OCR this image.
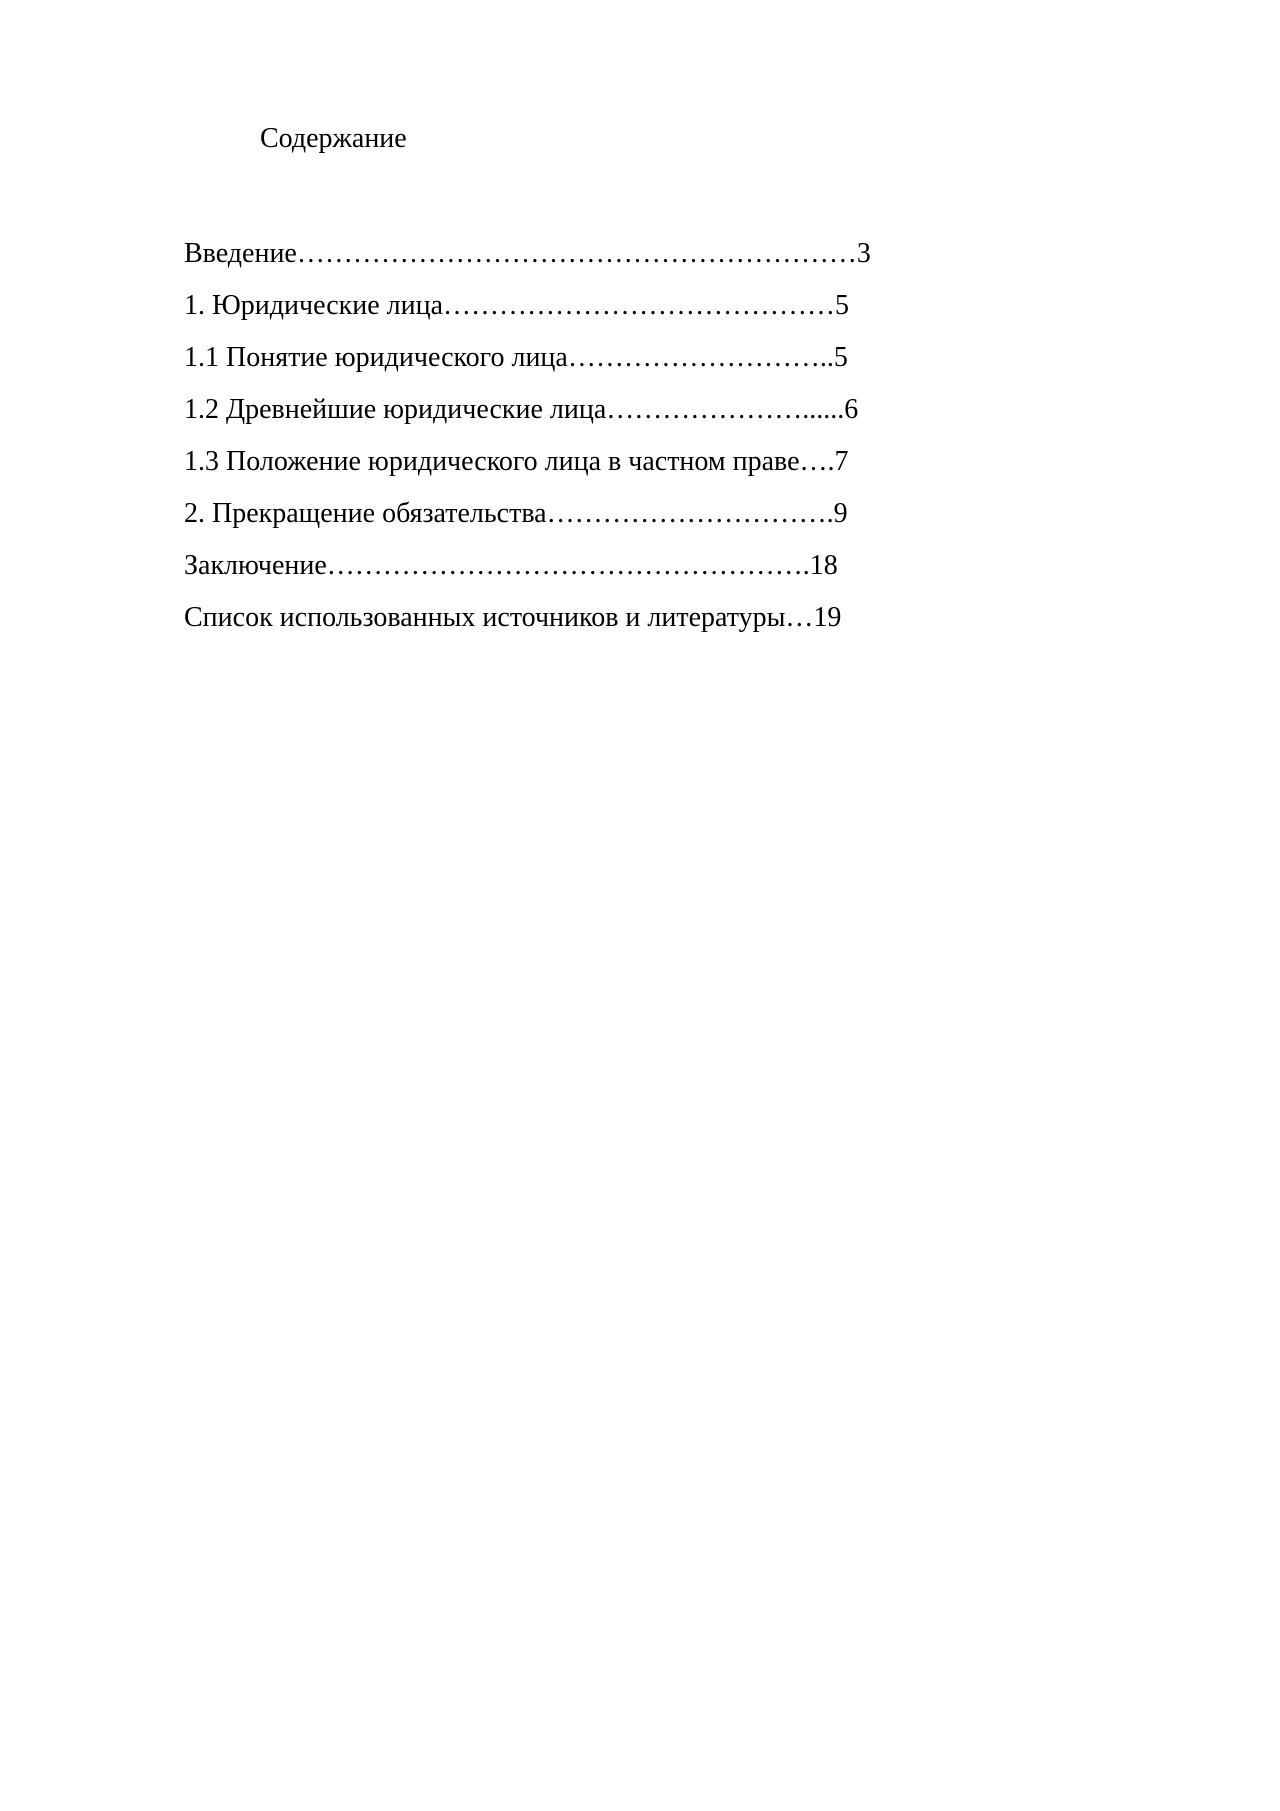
Содержание
Введение……………………………………………………3
1. Юридические лица……………………………………5
1.1 Понятие юридического лица………………………..5
1.2 Древнейшие юридические лица…………………......6
1.3 Положение юридического лица в частном праве….7
2. Прекращение обязательства………………………….9
Заключение…………………………………………….18
Список использованных источников и литературы…19
